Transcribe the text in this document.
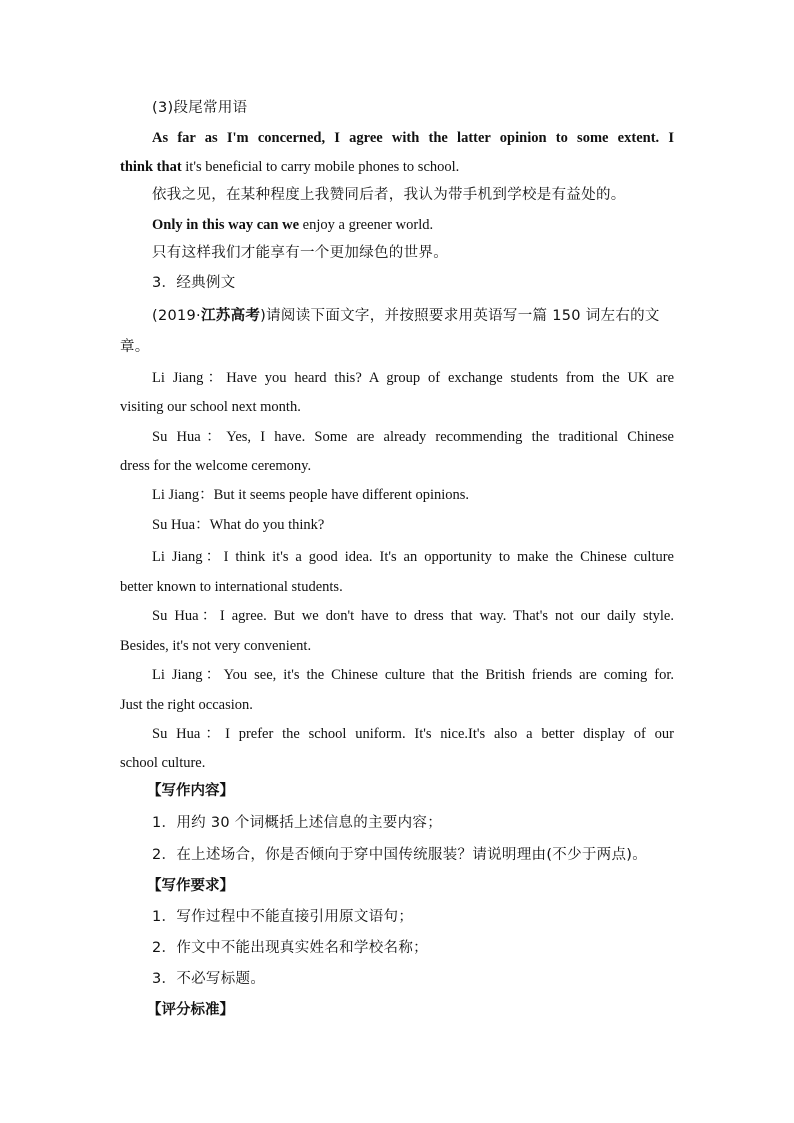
(3)段尾常用语
As far as I'm concerned, I agree with the latter opinion to some extent. I
think that it's beneficial to carry mobile phones to school.
依我之见，在某种程度上我赞同后者，我认为带手机到学校是有益处的。
Only in this way can we enjoy a greener world.
只有这样我们才能享有一个更加绿色的世界。
3．经典例文
(2019·江苏高考)请阅读下面文字，并按照要求用英语写一篇 150 词左右的文
章。
Li Jiang：Have you heard this? A group of exchange students from the UK are
visiting our school next month.
Su Hua：Yes, I have. Some are already recommending the traditional Chinese
dress for the welcome ceremony.
Li Jiang：But it seems people have different opinions.
Su Hua：What do you think?
Li Jiang：I think it's a good idea. It's an opportunity to make the Chinese culture
better known to international students.
Su Hua：I agree. But we don't have to dress that way. That's not our daily style.
Besides, it's not very convenient.
Li Jiang：You see, it's the Chinese culture that the British friends are coming for.
Just the right occasion.
Su Hua：I prefer the school uniform. It's nice.It's also a better display of our
school culture.
【写作内容】
1．用约 30 个词概括上述信息的主要内容；
2．在上述场合，你是否倾向于穿中国传统服装？请说明理由(不少于两点)。
【写作要求】
1．写作过程中不能直接引用原文语句；
2．作文中不能出现真实姓名和学校名称；
3．不必写标题。
【评分标准】
